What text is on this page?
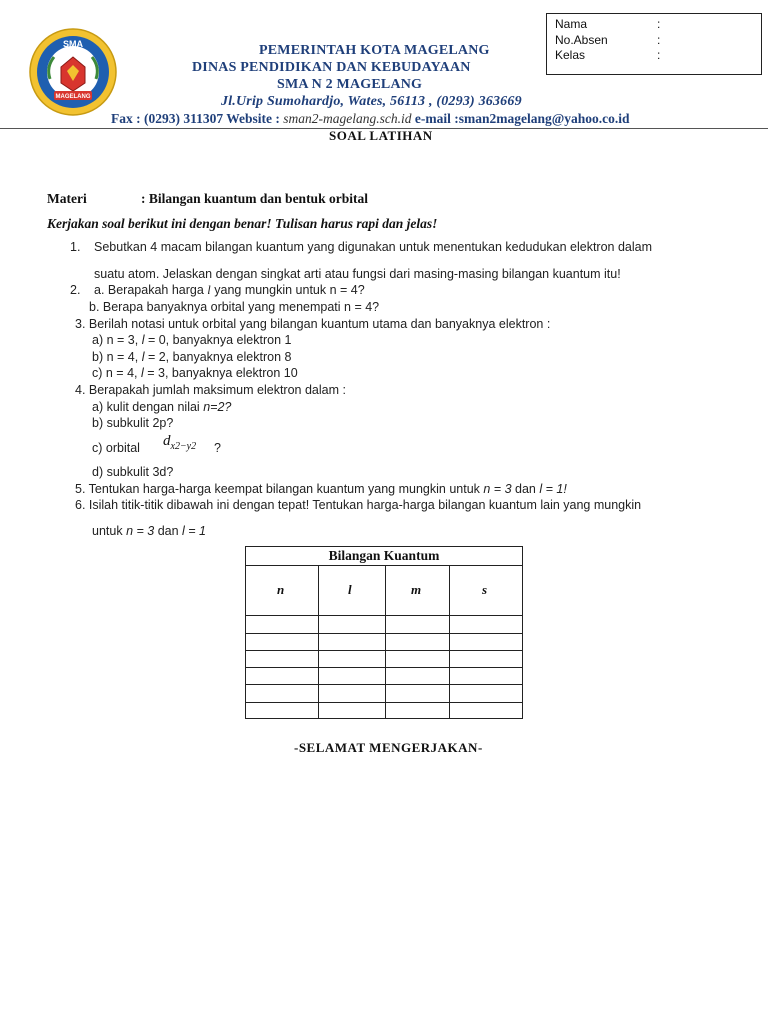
SMA
MAGELANG
PEMERINTAH KOTA MAGELANG
DINAS PENDIDIKAN DAN KEBUDAYAAN
SMA N 2 MAGELANG
Jl.Urip Sumohardjo, Wates, 56113 , (0293) 363669
Fax : (0293) 311307 Website : sman2-magelang.sch.id e-mail :sman2magelang@yahoo.co.id
Nama	:
No.Absen	:
Kelas	:
SOAL LATIHAN
Materi	: Bilangan kuantum dan bentuk orbital
Kerjakan soal berikut ini dengan benar! Tulisan harus rapi dan jelas!
1. Sebutkan 4 macam bilangan kuantum yang digunakan untuk menentukan kedudukan elektron dalam
suatu atom. Jelaskan dengan singkat arti atau fungsi dari masing-masing bilangan kuantum itu!
2. a. Berapakah harga l yang mungkin untuk n = 4?
b. Berapa banyaknya orbital yang menempati n = 4?
3. Berilah notasi untuk orbital yang bilangan kuantum utama dan banyaknya elektron :
a) n = 3, l = 0, banyaknya elektron 1
b) n = 4, l = 2, banyaknya elektron 8
c) n = 4, l = 3, banyaknya elektron 10
4. Berapakah jumlah maksimum elektron dalam :
a) kulit dengan nilai n=2?
b) subkulit 2p?
c) orbital $d_{x2-y2}$ ?
d) subkulit 3d?
5. Tentukan harga-harga keempat bilangan kuantum yang mungkin untuk n = 3 dan l = 1!
6. Isilah titik-titik dibawah ini dengan tepat! Tentukan harga-harga bilangan kuantum lain yang mungkin
untuk n = 3 dan l = 1
Bilangan Kuantum
n	l	m	s
-SELAMAT MENGERJAKAN-
